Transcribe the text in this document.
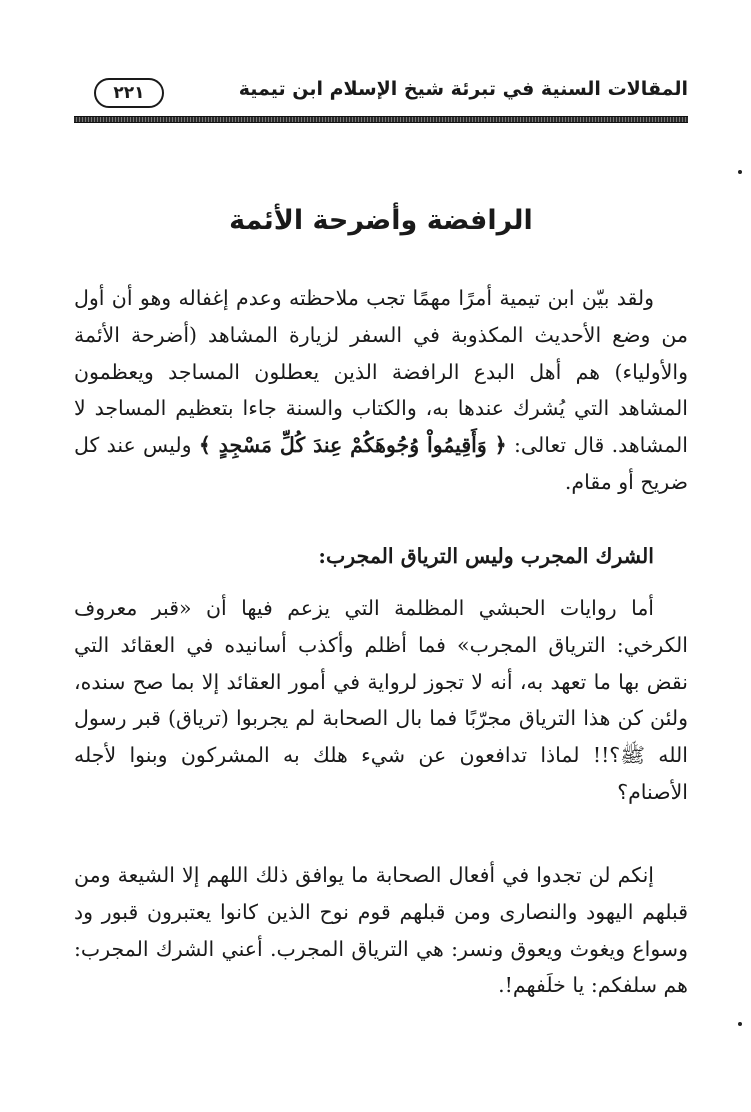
المقالات السنية في تبرئة شيخ الإسلام ابن تيمية
٢٢١
الرافضة وأضرحة الأئمة

ولقد بيّن ابن تيمية أمرًا مهمًا تجب ملاحظته وعدم إغفاله وهو أن أول من وضع الأحديث المكذوبة في السفر لزيارة المشاهد (أضرحة الأئمة والأولياء) هم أهل البدع الرافضة الذين يعطلون المساجد ويعظمون المشاهد التي يُشرك عندها به، والكتاب والسنة جاءا بتعظيم المساجد لا المشاهد. قال تعالى: ﴿ وَأَقِيمُواْ وُجُوهَكُمْ عِندَ كُلِّ مَسْجِدٍ ﴾ وليس عند كل ضريح أو مقام.

الشرك المجرب وليس الترياق المجرب:

أما روايات الحبشي المظلمة التي يزعم فيها أن «قبر معروف الكرخي: الترياق المجرب» فما أظلم وأكذب أسانيده في العقائد التي نقض بها ما تعهد به، أنه لا تجوز لرواية في أمور العقائد إلا بما صح سنده، ولئن كن هذا الترياق مجرّبًا فما بال الصحابة لم يجربوا (ترياق) قبر رسول الله ﷺ؟!! لماذا تدافعون عن شيء هلك به المشركون وبنوا لأجله الأصنام؟

إنكم لن تجدوا في أفعال الصحابة ما يوافق ذلك اللهم إلا الشيعة ومن قبلهم اليهود والنصارى ومن قبلهم قوم نوح الذين كانوا يعتبرون قبور ود وسواع ويغوث ويعوق ونسر: هي الترياق المجرب. أعني الشرك المجرب: هم سلفكم: يا خلَفهم!.
